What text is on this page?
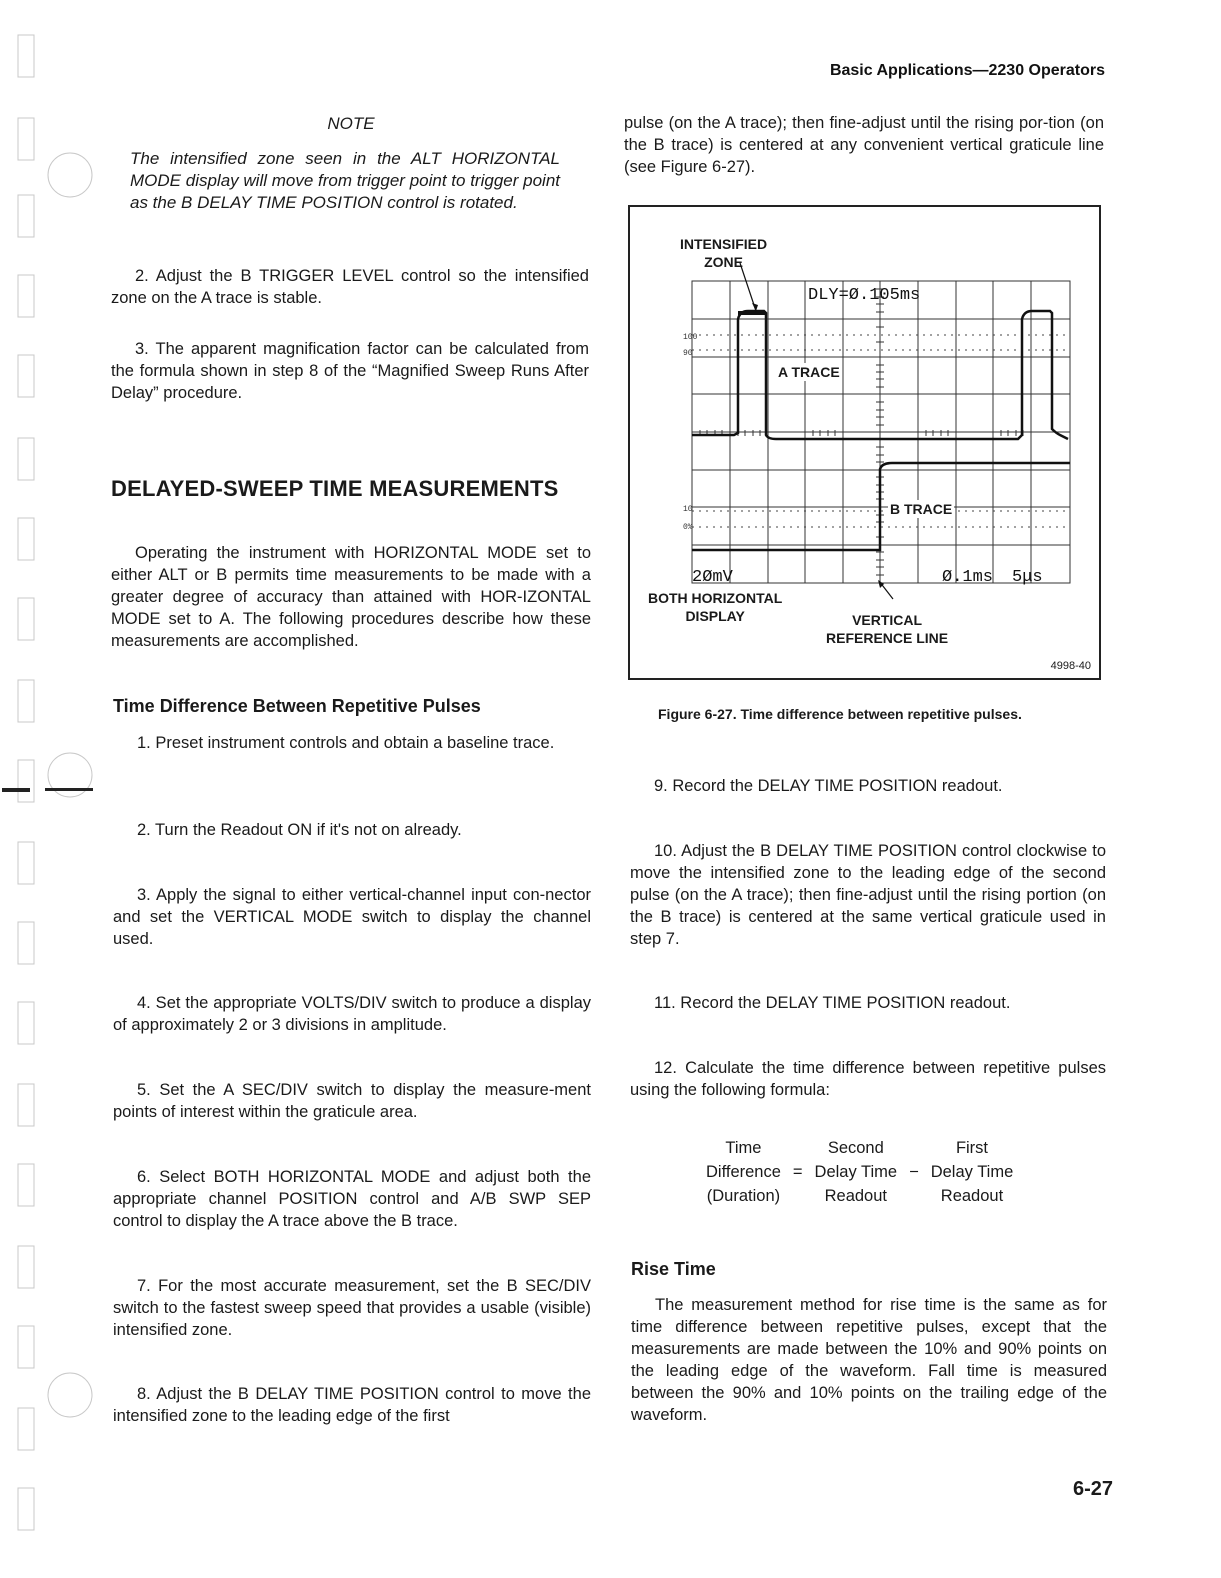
Basic Applications—2230 Operators
NOTE

The intensified zone seen in the ALT HORIZONTAL MODE display will move from trigger point to trigger point as the B DELAY TIME POSITION control is rotated.

2. Adjust the B TRIGGER LEVEL control so the intensified zone on the A trace is stable.

3. The apparent magnification factor can be calculated from the formula shown in step 8 of the “Magnified Sweep Runs After Delay” procedure.

DELAYED-SWEEP TIME MEASUREMENTS

Operating the instrument with HORIZONTAL MODE set to either ALT or B permits time measurements to be made with a greater degree of accuracy than attained with HOR-IZONTAL MODE set to A. The following procedures describe how these measurements are accomplished.

Time Difference Between Repetitive Pulses

1. Preset instrument controls and obtain a baseline trace.

2. Turn the Readout ON if it's not on already.

3. Apply the signal to either vertical-channel input con-nector and set the VERTICAL MODE switch to display the channel used.

4. Set the appropriate VOLTS/DIV switch to produce a display of approximately 2 or 3 divisions in amplitude.

5. Set the A SEC/DIV switch to display the measure-ment points of interest within the graticule area.

6. Select BOTH HORIZONTAL MODE and adjust both the appropriate channel POSITION control and A/B SWP SEP control to display the A trace above the B trace.

7. For the most accurate measurement, set the B SEC/DIV switch to the fastest sweep speed that provides a usable (visible) intensified zone.

8. Adjust the B DELAY TIME POSITION control to move the intensified zone to the leading edge of the first

pulse (on the A trace); then fine-adjust until the rising por-tion (on the B trace) is centered at any convenient vertical graticule line (see Figure 6-27).

DLY=Ø.105ms
2ØmV	Ø.1ms 5μs
100
90
10
0%
INTENSIFIED
ZONE
A TRACE
B TRACE
BOTH HORIZONTAL
DISPLAY	VERTICAL
REFERENCE LINE
4998-40
Figure 6-27. Time difference between repetitive pulses.

9. Record the DELAY TIME POSITION readout.

10. Adjust the B DELAY TIME POSITION control clockwise to move the intensified zone to the leading edge of the second pulse (on the A trace); then fine-adjust until the rising portion (on the B trace) is centered at the same vertical graticule used in step 7.

11. Record the DELAY TIME POSITION readout.

12. Calculate the time difference between repetitive pulses using the following formula:

Time		Second		First
Difference	=	Delay Time	−	Delay Time
(Duration)		Readout		Readout
Rise Time

The measurement method for rise time is the same as for time difference between repetitive pulses, except that the measurements are made between the 10% and 90% points on the leading edge of the waveform. Fall time is measured between the 90% and 10% points on the trailing edge of the waveform.

6-27
